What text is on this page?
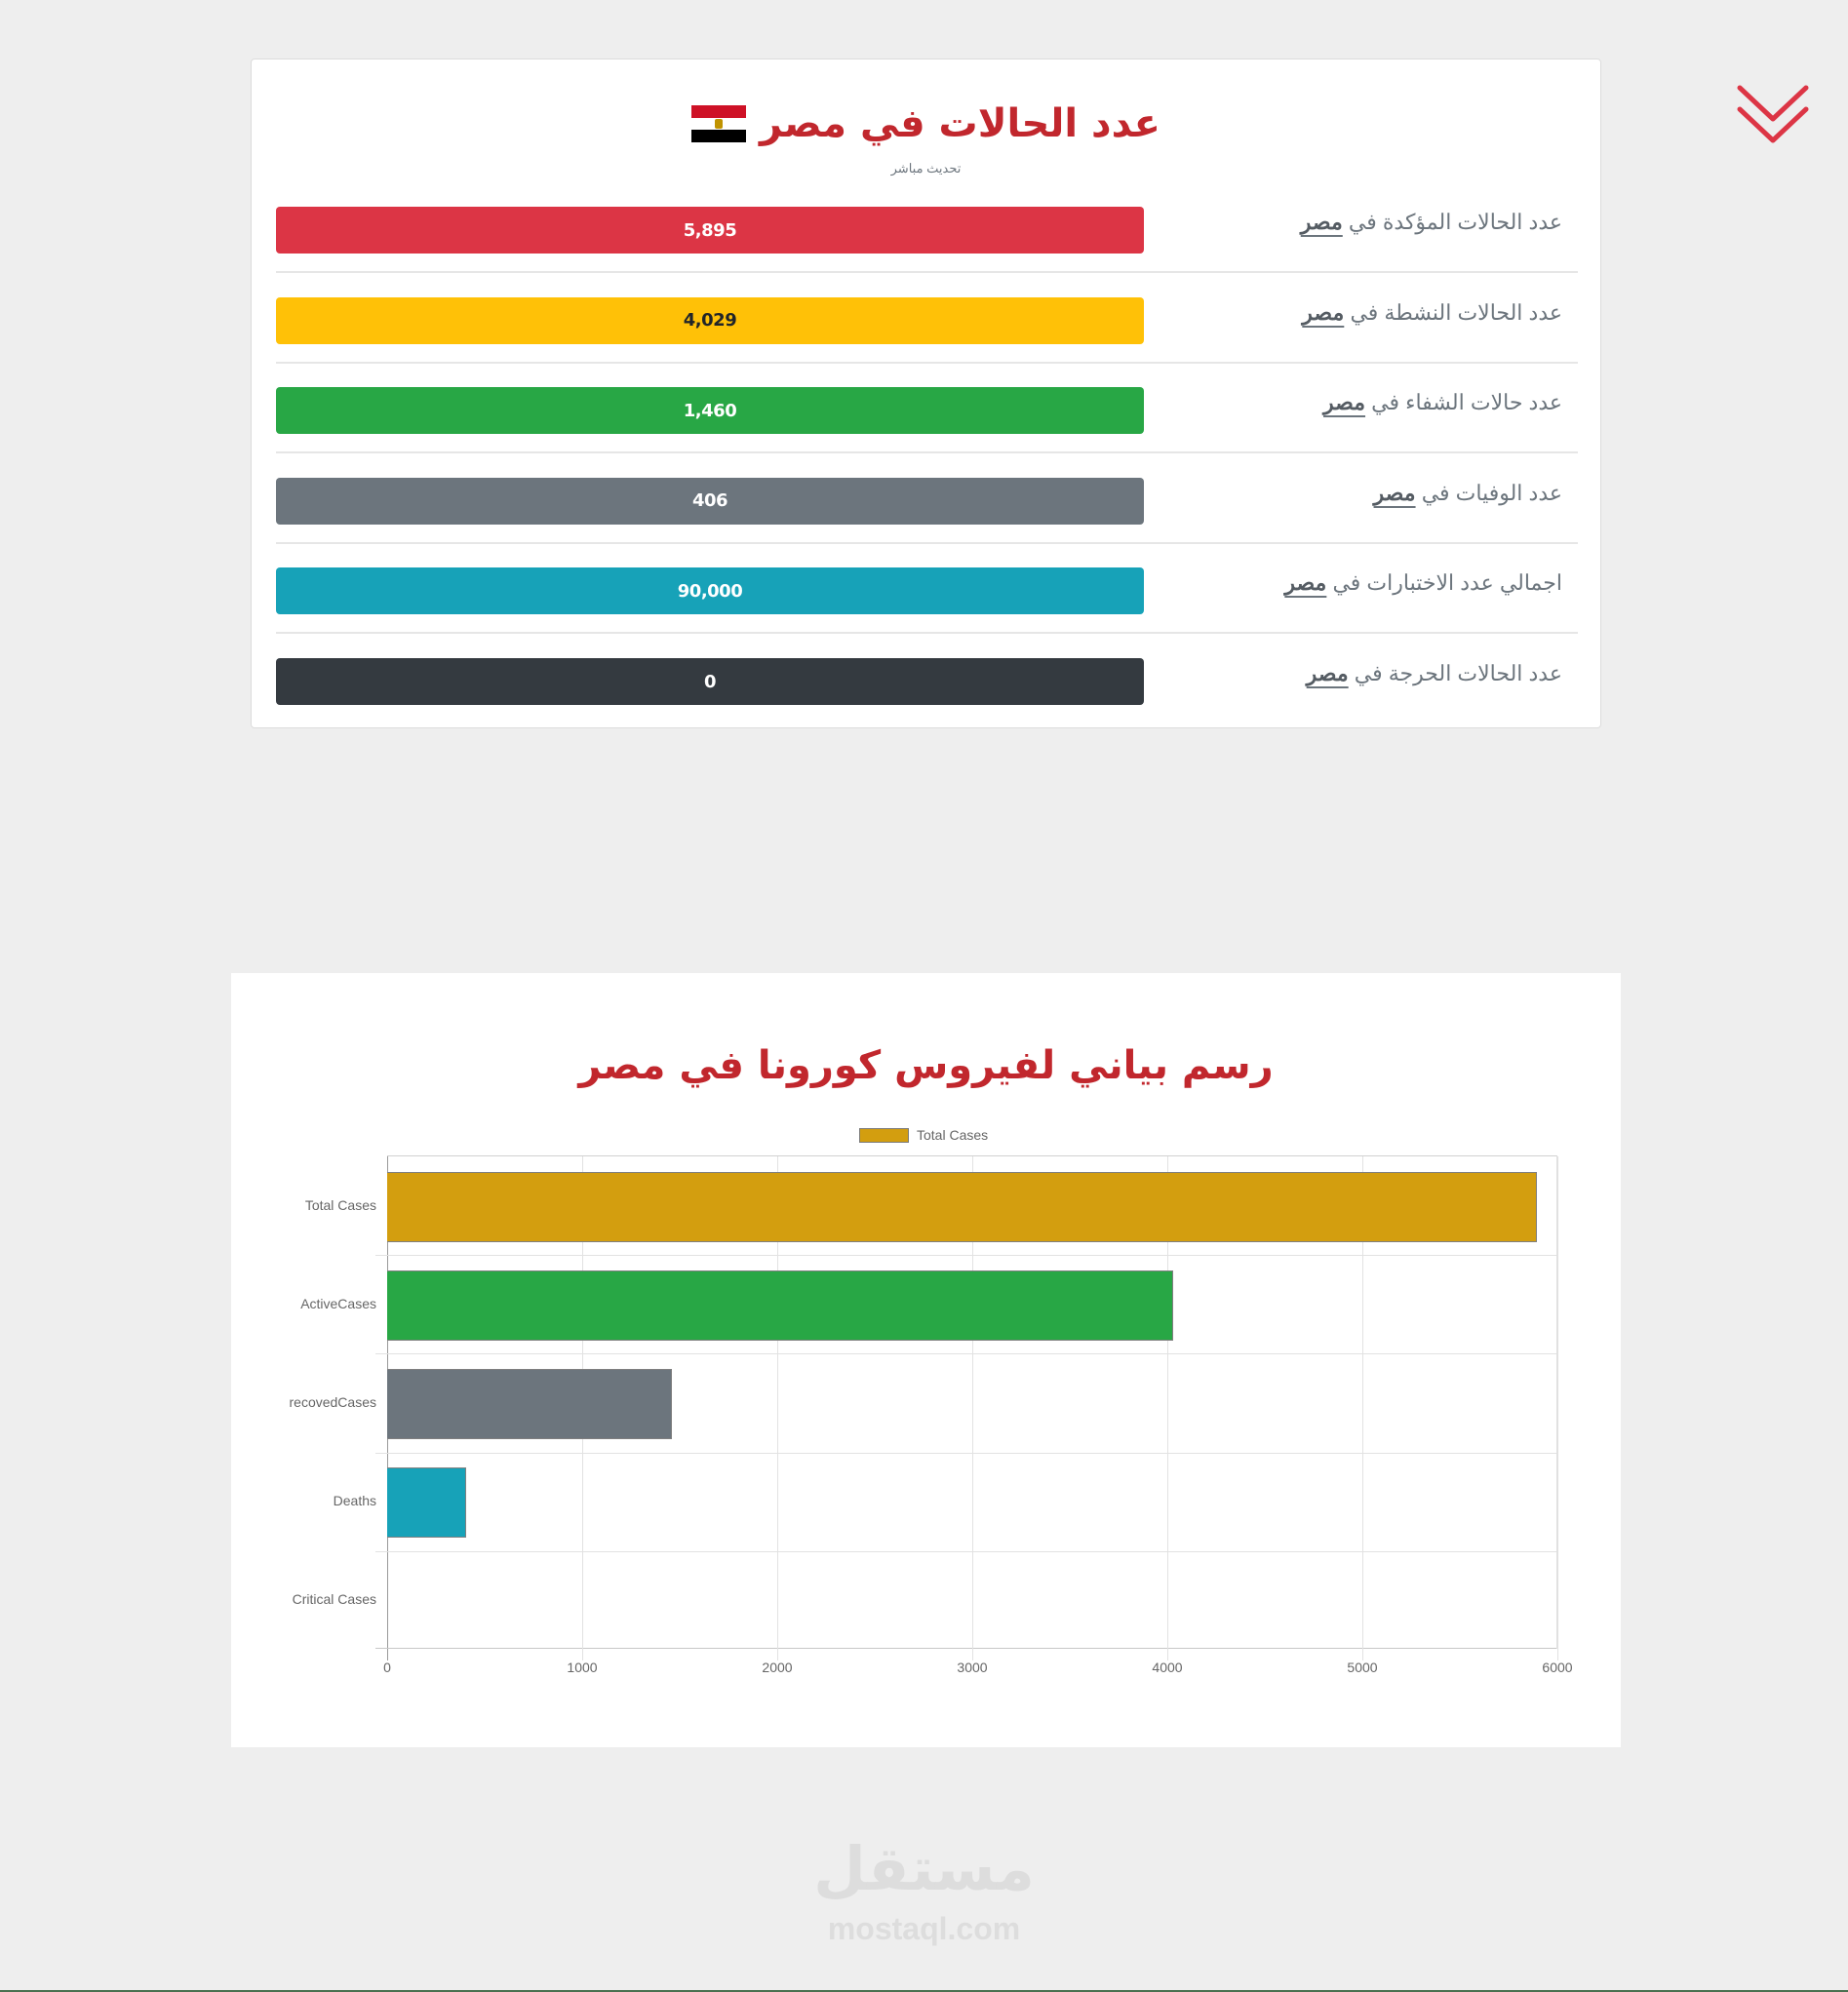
عدد الحالات في مصر
تحديث مباشر
5,895	عدد الحالات المؤكدة في مصر
4,029	عدد الحالات النشطة في مصر
1,460	عدد حالات الشفاء في مصر
406	عدد الوفيات في مصر
90,000	اجمالي عدد الاختبارات في مصر
0	عدد الحالات الحرجة في مصر
رسم بياني لفيروس كورونا في مصر
Total Cases
0	1000	2000	3000	4000	5000	6000
Total Cases
ActiveCases
recovedCases
Deaths
Critical Cases
مستقل
mostaql.com
